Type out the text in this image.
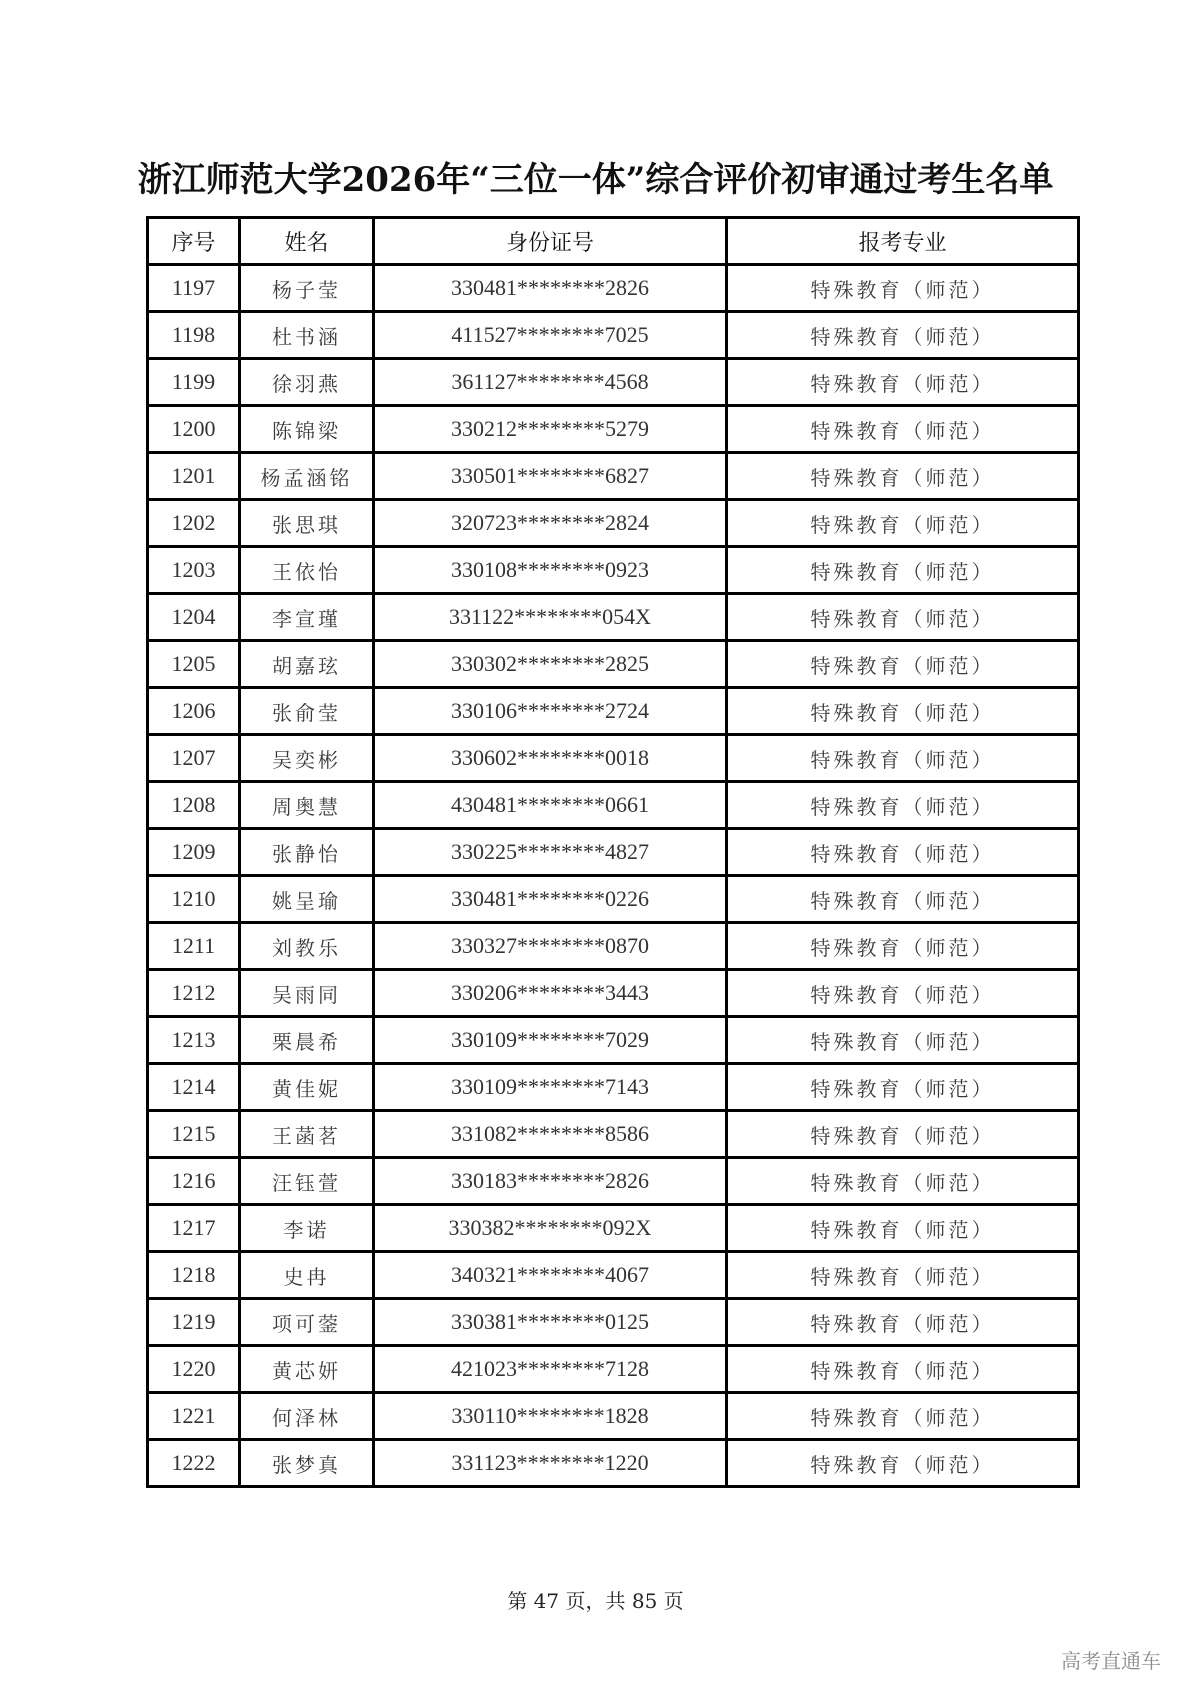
浙江师范大学2026年“三位一体”综合评价初审通过考生名单
序号	姓名	身份证号	报考专业
1197	杨子莹	330481********2826	特殊教育（师范）
1198	杜书涵	411527********7025	特殊教育（师范）
1199	徐羽燕	361127********4568	特殊教育（师范）
1200	陈锦梁	330212********5279	特殊教育（师范）
1201	杨孟涵铭	330501********6827	特殊教育（师范）
1202	张思琪	320723********2824	特殊教育（师范）
1203	王依怡	330108********0923	特殊教育（师范）
1204	李宣瑾	331122********054X	特殊教育（师范）
1205	胡嘉玹	330302********2825	特殊教育（师范）
1206	张俞莹	330106********2724	特殊教育（师范）
1207	吴奕彬	330602********0018	特殊教育（师范）
1208	周奥慧	430481********0661	特殊教育（师范）
1209	张静怡	330225********4827	特殊教育（师范）
1210	姚呈瑜	330481********0226	特殊教育（师范）
1211	刘教乐	330327********0870	特殊教育（师范）
1212	吴雨同	330206********3443	特殊教育（师范）
1213	栗晨希	330109********7029	特殊教育（师范）
1214	黄佳妮	330109********7143	特殊教育（师范）
1215	王菡茗	331082********8586	特殊教育（师范）
1216	汪钰萱	330183********2826	特殊教育（师范）
1217	李诺	330382********092X	特殊教育（师范）
1218	史冉	340321********4067	特殊教育（师范）
1219	项可蓥	330381********0125	特殊教育（师范）
1220	黄芯妍	421023********7128	特殊教育（师范）
1221	何泽林	330110********1828	特殊教育（师范）
1222	张梦真	331123********1220	特殊教育（师范）
第 47 页，共 85 页
高考直通车
